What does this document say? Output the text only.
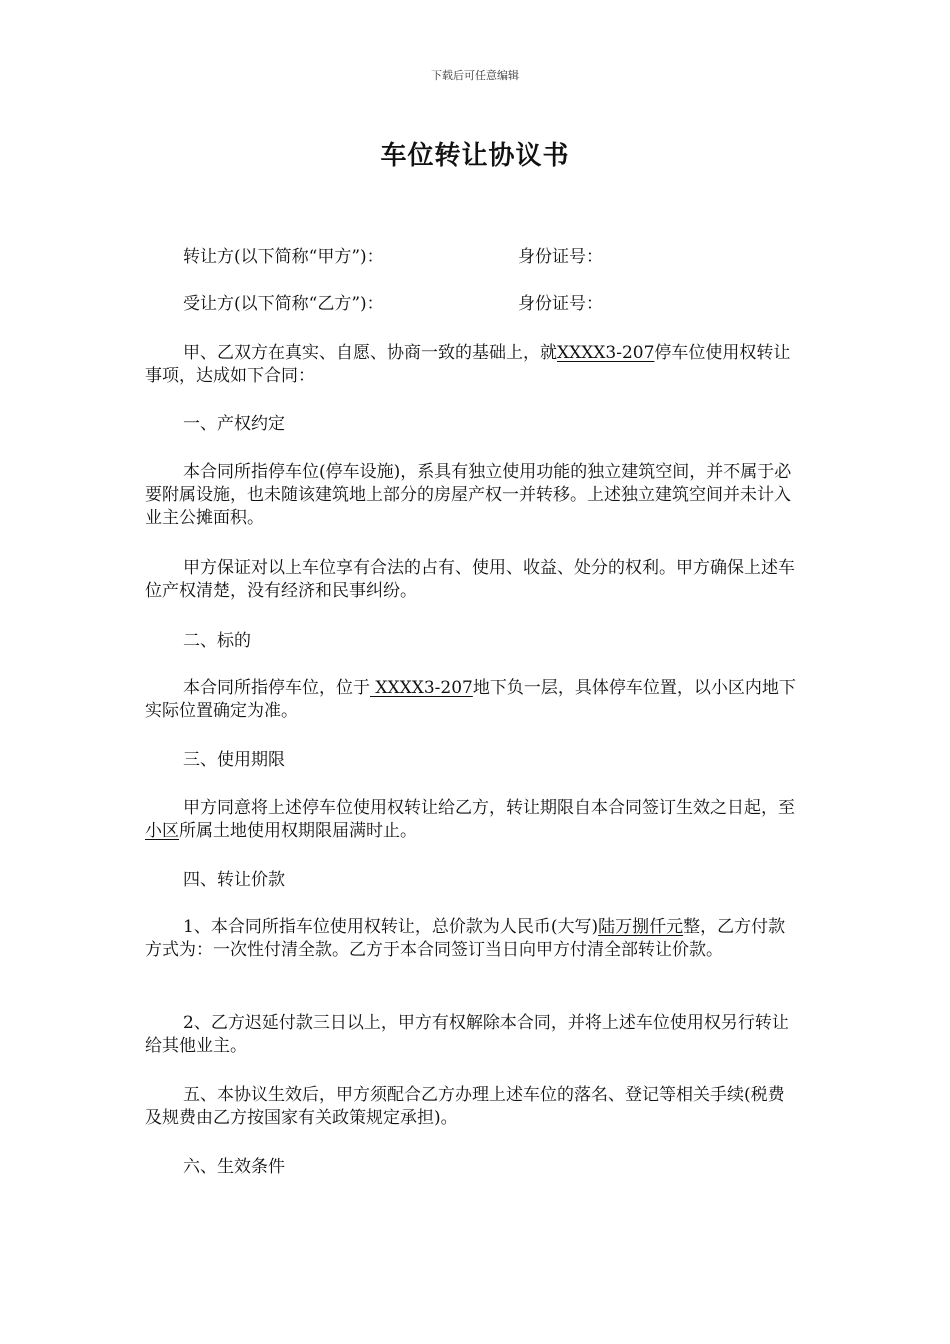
下载后可任意编辑
车位转让协议书
转让方(以下简称“甲方”)：	身份证号：
受让方(以下简称“乙方”)：	身份证号：
甲、乙双方在真实、自愿、协商一致的基础上，就XXXX3-207停车位使用权转让事项，达成如下合同：
一、产权约定
本合同所指停车位(停车设施)，系具有独立使用功能的独立建筑空间，并不属于必要附属设施，也未随该建筑地上部分的房屋产权一并转移。上述独立建筑空间并未计入业主公摊面积。
甲方保证对以上车位享有合法的占有、使用、收益、处分的权利。甲方确保上述车位产权清楚，没有经济和民事纠纷。
二、标的
本合同所指停车位，位于 XXXX3-207地下负一层，具体停车位置，以小区内地下实际位置确定为准。
三、使用期限
甲方同意将上述停车位使用权转让给乙方，转让期限自本合同签订生效之日起，至 小区所属土地使用权期限届满时止。
四、转让价款
1、本合同所指车位使用权转让，总价款为人民币(大写)陆万捌仟元整，乙方付款方式为：一次性付清全款。乙方于本合同签订当日向甲方付清全部转让价款。
2、乙方迟延付款三日以上，甲方有权解除本合同，并将上述车位使用权另行转让给其他业主。
五、本协议生效后，甲方须配合乙方办理上述车位的落名、登记等相关手续(税费及规费由乙方按国家有关政策规定承担)。
六、生效条件
